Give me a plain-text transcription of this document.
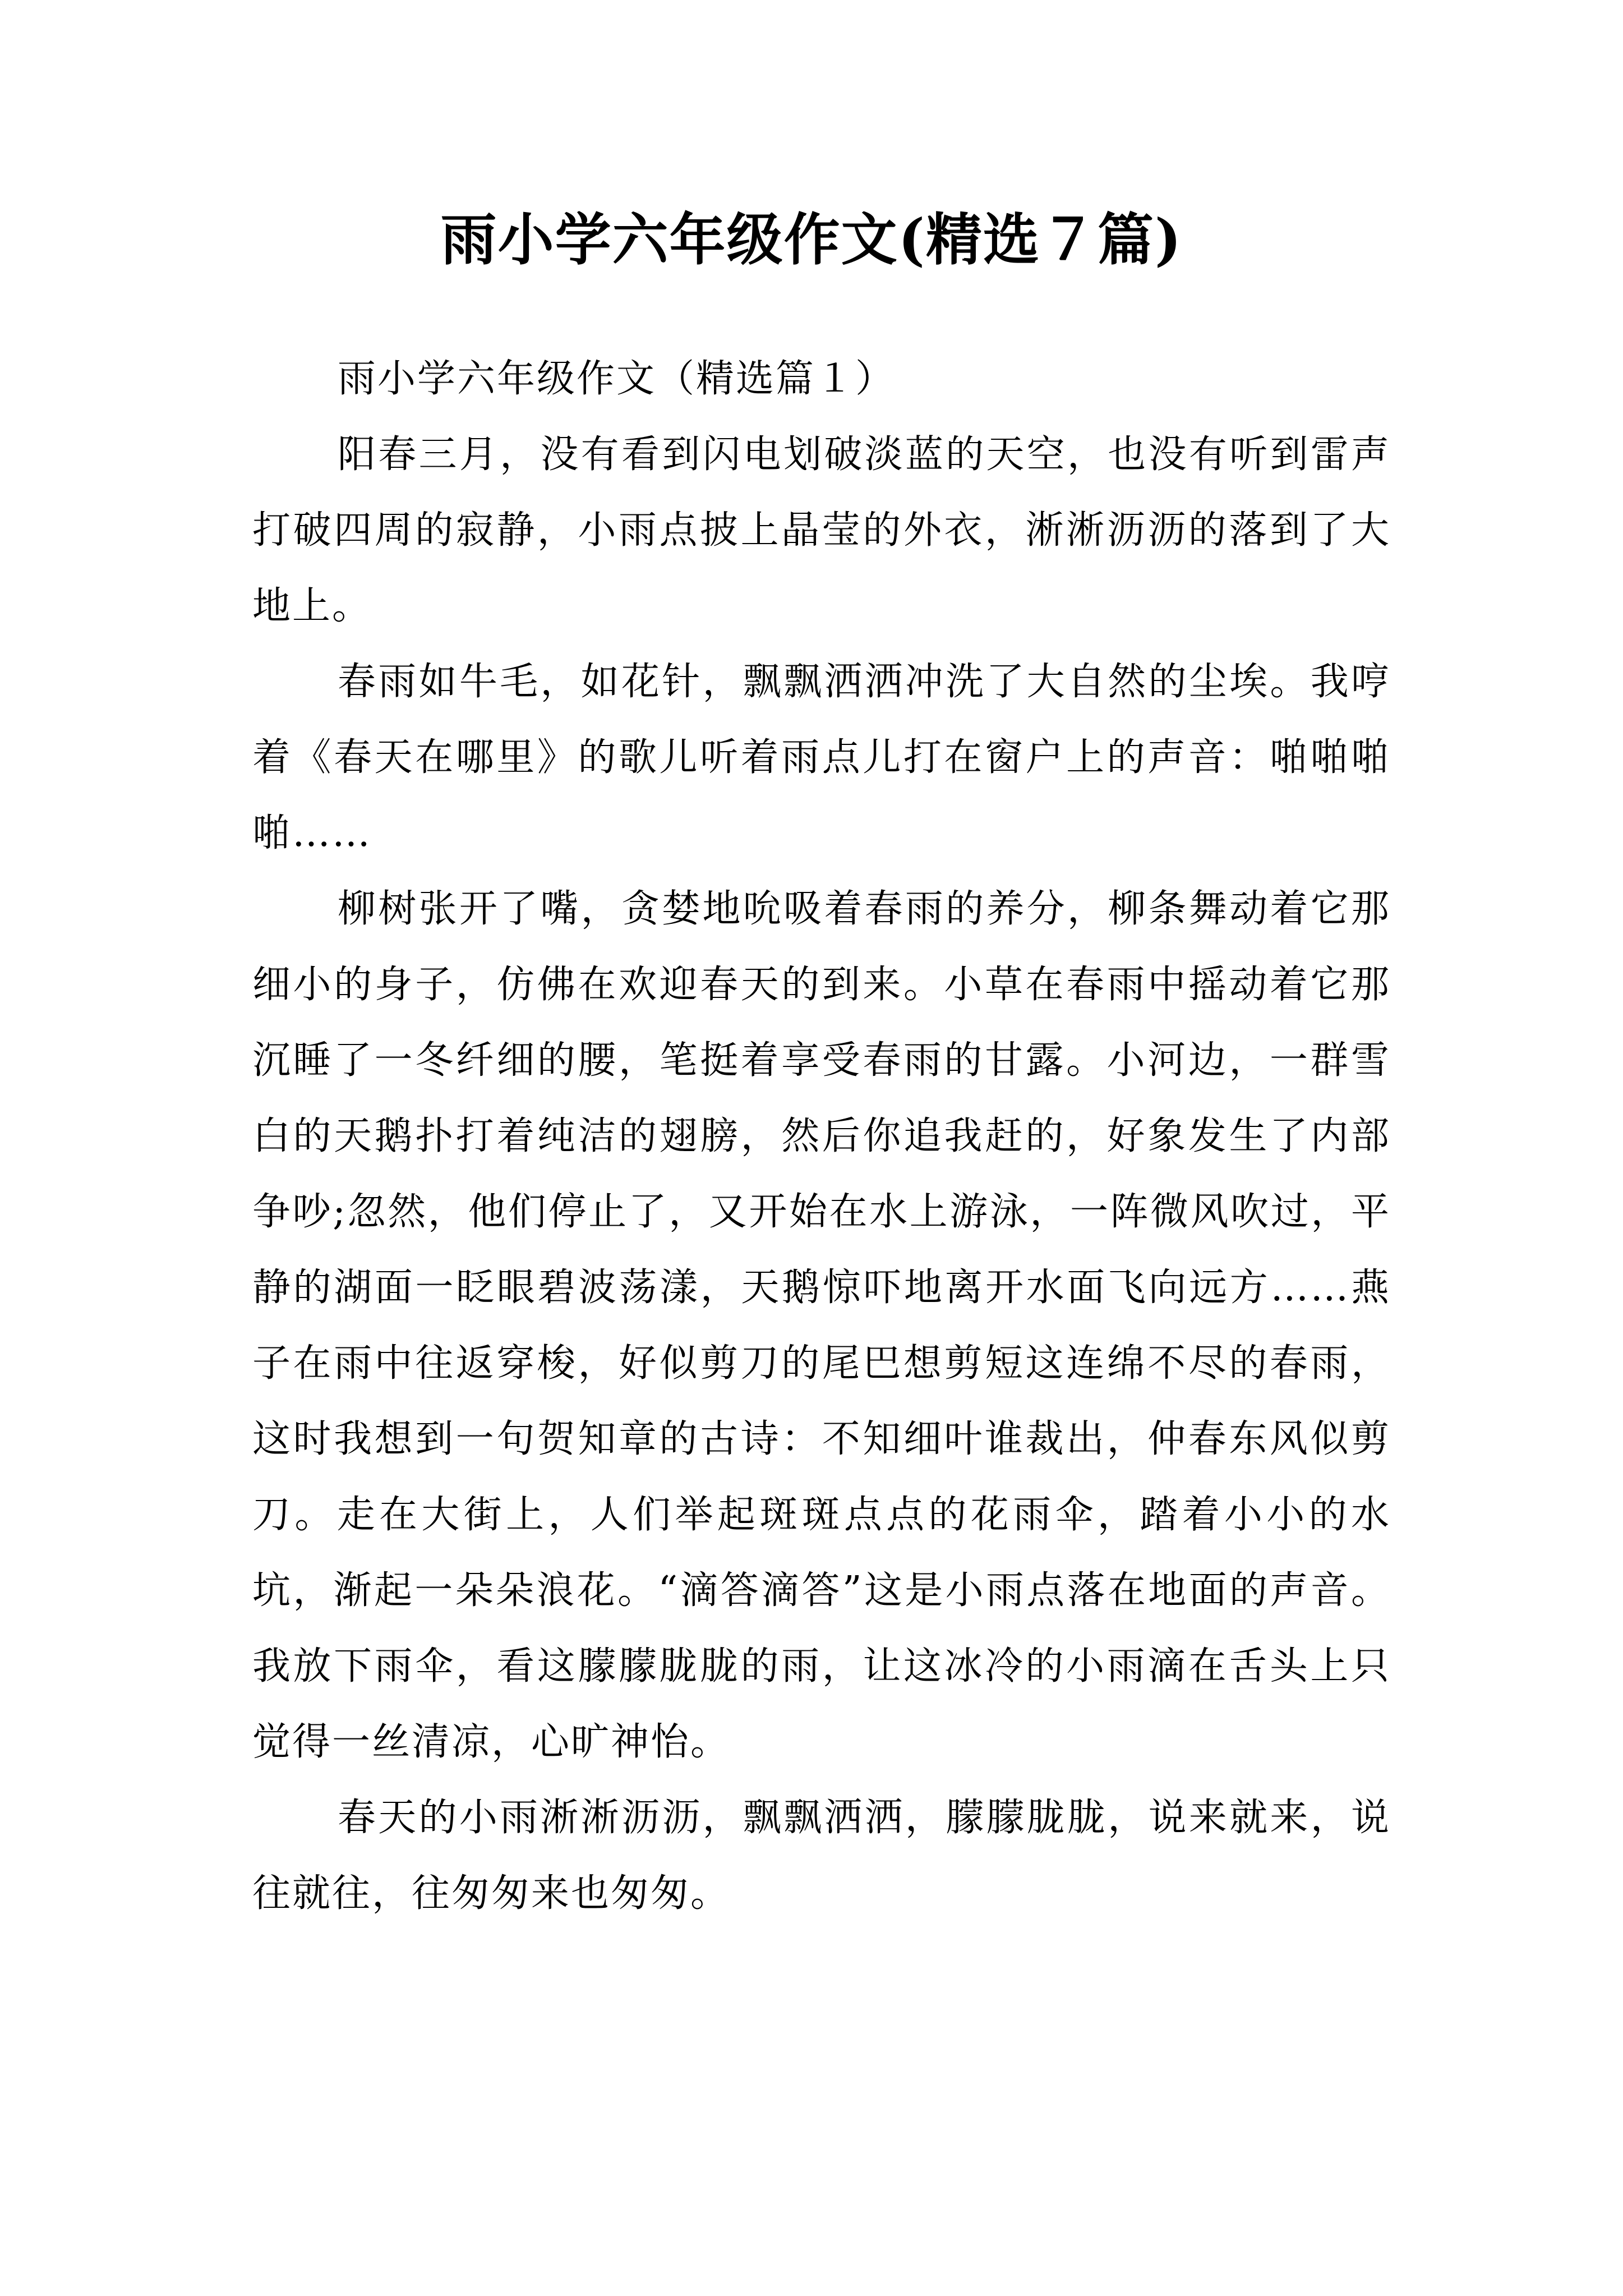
雨小学六年级作文(精选７篇)

雨小学六年级作文（精选篇１）

阳春三月，没有看到闪电划破淡蓝的天空，也没有听到雷声打破四周的寂静，小雨点披上晶莹的外衣，淅淅沥沥的落到了大地上。

春雨如牛毛，如花针，飘飘洒洒冲洗了大自然的尘埃。我哼着《春天在哪里》的歌儿听着雨点儿打在窗户上的声音：啪啪啪啪……

柳树张开了嘴，贪婪地吮吸着春雨的养分，柳条舞动着它那细小的身子，仿佛在欢迎春天的到来。小草在春雨中摇动着它那沉睡了一冬纤细的腰，笔挺着享受春雨的甘露。小河边，一群雪白的天鹅扑打着纯洁的翅膀，然后你追我赶的，好象发生了内部争吵;忽然，他们停止了，又开始在水上游泳，一阵微风吹过，平静的湖面一眨眼碧波荡漾，天鹅惊吓地离开水面飞向远方……燕子在雨中往返穿梭，好似剪刀的尾巴想剪短这连绵不尽的春雨，这时我想到一句贺知章的古诗：不知细叶谁裁出，仲春东风似剪刀。走在大街上，人们举起斑斑点点的花雨伞，踏着小小的水坑，渐起一朵朵浪花。“滴答滴答”这是小雨点落在地面的声音。我放下雨伞，看这朦朦胧胧的雨，让这冰冷的小雨滴在舌头上只觉得一丝清凉，心旷神怡。

春天的小雨淅淅沥沥，飘飘洒洒，朦朦胧胧，说来就来，说往就往，往匆匆来也匆匆。
